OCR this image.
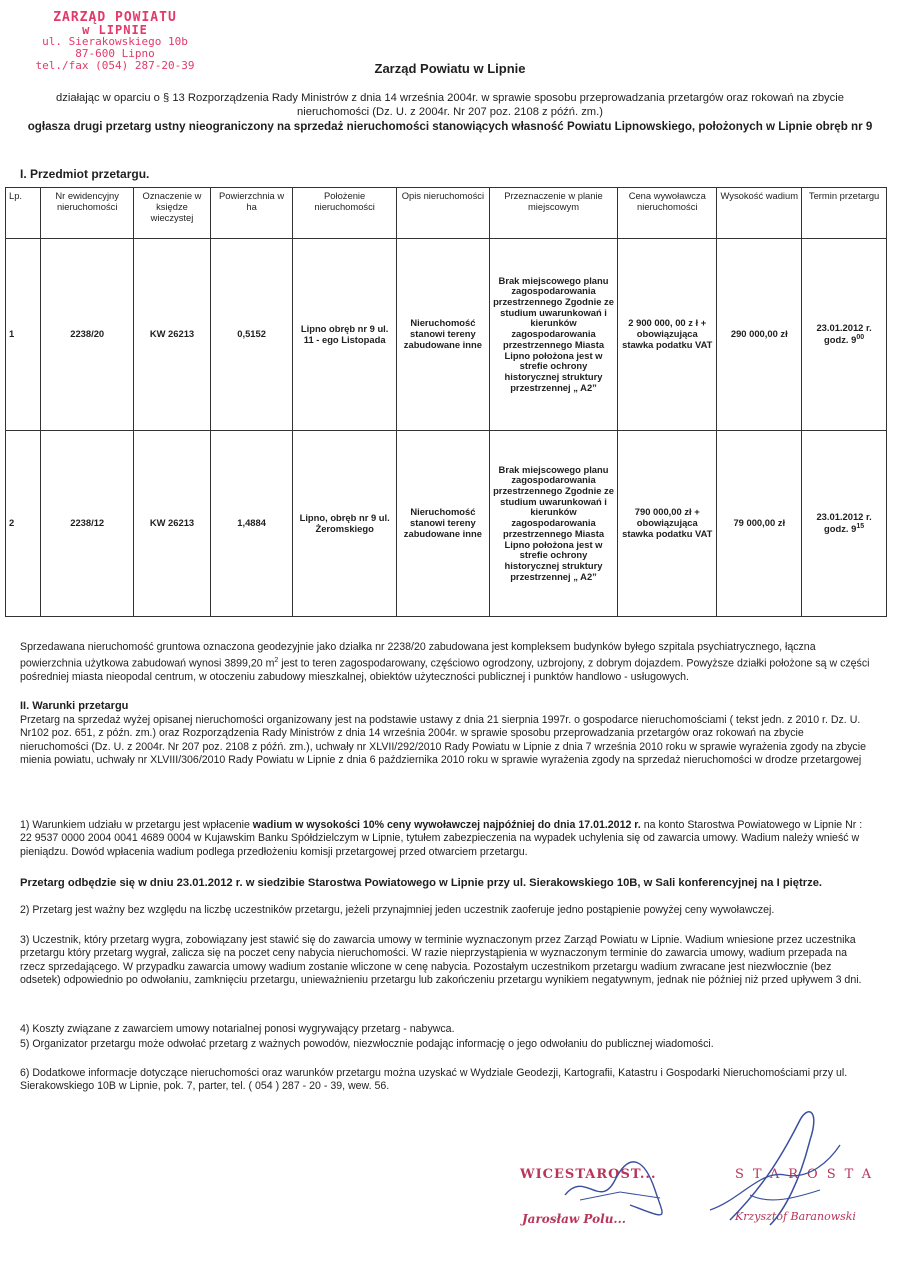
ZARZĄD POWIATU
w LIPNIE
ul. Sierakowskiego 10b
87-600 Lipno
tel./fax (054) 287-20-39	Zarząd Powiatu w Lipnie
działając w oparciu o § 13 Rozporządzenia Rady Ministrów z dnia 14 września 2004r. w sprawie sposobu przeprowadzania przetargów oraz rokowań na zbycie nieruchomości (Dz. U. z 2004r. Nr 207 poz. 2108 z późń. zm.)
ogłasza drugi przetarg ustny nieograniczony na sprzedaż nieruchomości stanowiących własność Powiatu Lipnowskiego, położonych w Lipnie obręb nr 9
I. Przedmiot przetargu.
Lp.	Nr ewidencyjny nieruchomości	Oznaczenie w księdze wieczystej	Powierzchnia w ha	Położenie nieruchomości	Opis nieruchomości	Przeznaczenie w planie miejscowym	Cena wywoławcza nieruchomości	Wysokość wadium	Termin przetargu
1	2238/20	KW 26213	0,5152	Lipno obręb nr 9 ul. 11 - ego Listopada	Nieruchomość stanowi tereny zabudowane inne	Brak miejscowego planu zagospodarowania przestrzennego Zgodnie ze studium uwarunkowań i kierunków zagospodarowania przestrzennego Miasta Lipno położona jest w strefie ochrony historycznej struktury przestrzennej „ A2”	2 900 000, 00 z ł + obowiązująca stawka podatku VAT	290 000,00 zł	23.01.2012 r.
godz. $9^{00}$
2	2238/12	KW 26213	1,4884	Lipno, obręb nr 9 ul. Żeromskiego	Nieruchomość stanowi tereny zabudowane inne	Brak miejscowego planu zagospodarowania przestrzennego Zgodnie ze studium uwarunkowań i kierunków zagospodarowania przestrzennego Miasta Lipno położona jest w strefie ochrony historycznej struktury przestrzennej „ A2”	790 000,00 zł + obowiązująca stawka podatku VAT	79 000,00 zł	23.01.2012 r.
godz. $9^{15}$
Sprzedawana nieruchomość gruntowa oznaczona geodezyjnie jako działka nr 2238/20 zabudowana jest kompleksem budynków byłego szpitala psychiatrycznego, łączna powierzchnia użytkowa zabudowań wynosi 3899,20 $m^2$ jest to teren zagospodarowany, częściowo ogrodzony, uzbrojony, z dobrym dojazdem. Powyższe działki położone są w części pośredniej miasta nieopodal centrum, w otoczeniu zabudowy mieszkalnej, obiektów użyteczności publicznej i punktów handlowo - usługowych.
II. Warunki przetargu
Przetarg na sprzedaż wyżej opisanej nieruchomości organizowany jest na podstawie ustawy z dnia 21 sierpnia 1997r. o gospodarce nieruchomościami ( tekst jedn. z 2010 r. Dz. U. Nr102 poz. 651, z późn. zm.) oraz Rozporządzenia Rady Ministrów z dnia 14 września 2004r. w sprawie sposobu przeprowadzania przetargów oraz rokowań na zbycie nieruchomości (Dz. U. z 2004r. Nr 207 poz. 2108 z późń. zm.), uchwały nr XLVII/292/2010 Rady Powiatu w Lipnie z dnia 7 września 2010 roku w sprawie wyrażenia zgody na zbycie mienia powiatu, uchwały nr XLVIII/306/2010 Rady Powiatu w Lipnie z dnia 6 października 2010 roku w sprawie wyrażenia zgody na sprzedaż nieruchomości w drodze przetargowej
1) Warunkiem udziału w przetargu jest wpłacenie wadium w wysokości 10% ceny wywoławczej najpóźniej do dnia 17.01.2012 r. na konto Starostwa Powiatowego w Lipnie Nr : 22 9537 0000 2004 0041 4689 0004 w Kujawskim Banku Spółdzielczym w Lipnie, tytułem zabezpieczenia na wypadek uchylenia się od zawarcia umowy. Wadium należy wnieść w pieniądzu. Dowód wpłacenia wadium podlega przedłożeniu komisji przetargowej przed otwarciem przetargu.
Przetarg odbędzie się w dniu 23.01.2012 r. w siedzibie Starostwa Powiatowego w Lipnie przy ul. Sierakowskiego 10B, w Sali konferencyjnej na I piętrze.
2) Przetarg jest ważny bez względu na liczbę uczestników przetargu, jeżeli przynajmniej jeden uczestnik zaoferuje jedno postąpienie powyżej ceny wywoławczej.
3) Uczestnik, który przetarg wygra, zobowiązany jest stawić się do zawarcia umowy w terminie wyznaczonym przez Zarząd Powiatu w Lipnie. Wadium wniesione przez uczestnika przetargu który przetarg wygrał, zalicza się na poczet ceny nabycia nieruchomości. W razie nieprzystąpienia w wyznaczonym terminie do zawarcia umowy, wadium przepada na rzecz sprzedającego. W przypadku zawarcia umowy wadium zostanie wliczone w cenę nabycia. Pozostałym uczestnikom przetargu wadium zwracane jest niezwłocznie (bez odsetek) odpowiednio po odwołaniu, zamknięciu przetargu, unieważnieniu przetargu lub zakończeniu przetargu wynikiem negatywnym, jednak nie później niż przed upływem 3 dni.
4) Koszty związane z zawarciem umowy notarialnej ponosi wygrywający przetarg - nabywca.
5) Organizator przetargu może odwołać przetarg z ważnych powodów, niezwłocznie podając informację o jego odwołaniu do publicznej wiadomości.
6) Dodatkowe informacje dotyczące nieruchomości oraz warunków przetargu można uzyskać w Wydziale Geodezji, Kartografii, Katastru i Gospodarki Nieruchomościami przy ul. Sierakowskiego 10B w Lipnie, pok. 7, parter, tel. ( 054 ) 287 - 20 - 39, wew. 56.
WICESTAROST...
Jarosław Polu...
STAROSTA
Krzysztof Baranowski
